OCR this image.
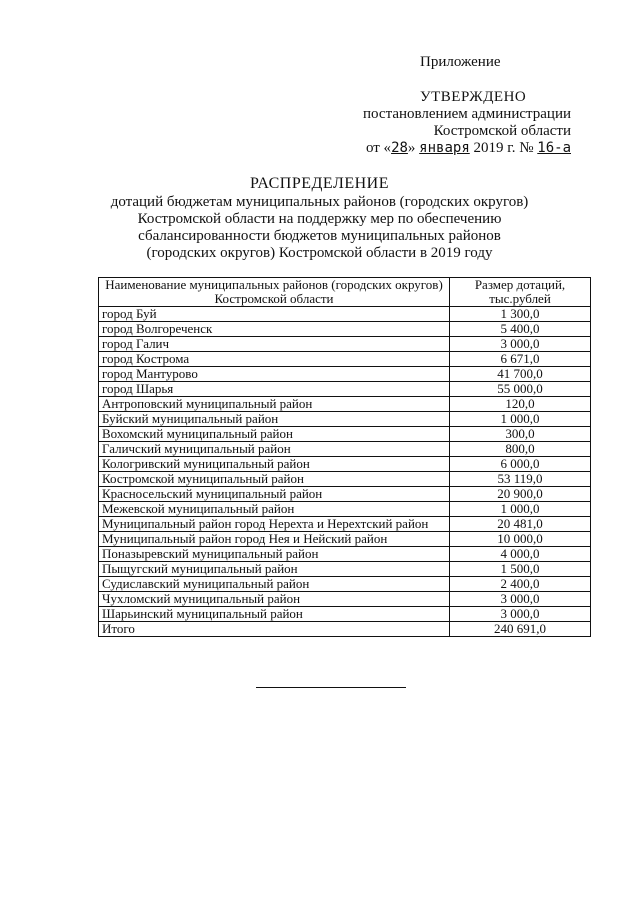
Приложение
УТВЕРЖДЕНО
постановлением администрации
Костромской области
от «28» января 2019 г. № 16-а
РАСПРЕДЕЛЕНИЕ
дотаций бюджетам муниципальных районов (городских округов)
Костромской области на поддержку мер по обеспечению
сбалансированности бюджетов муниципальных районов
(городских округов) Костромской области в 2019 году
Наименование муниципальных районов (городских округов) Костромской области	Размер дотаций, тыс.рублей
город Буй	1 300,0
город Волгореченск	5 400,0
город Галич	3 000,0
город Кострома	6 671,0
город Мантурово	41 700,0
город Шарья	55 000,0
Антроповский муниципальный район	120,0
Буйский муниципальный район	1 000,0
Вохомский муниципальный район	300,0
Галичский муниципальный район	800,0
Кологривский муниципальный район	6 000,0
Костромской муниципальный район	53 119,0
Красносельский муниципальный район	20 900,0
Межевской муниципальный район	1 000,0
Муниципальный район город Нерехта и Нерехтский район	20 481,0
Муниципальный район город Нея и Нейский район	10 000,0
Поназыревский муниципальный район	4 000,0
Пыщугский муниципальный район	1 500,0
Судиславский муниципальный район	2 400,0
Чухломский муниципальный район	3 000,0
Шарьинский муниципальный район	3 000,0
Итого	240 691,0
